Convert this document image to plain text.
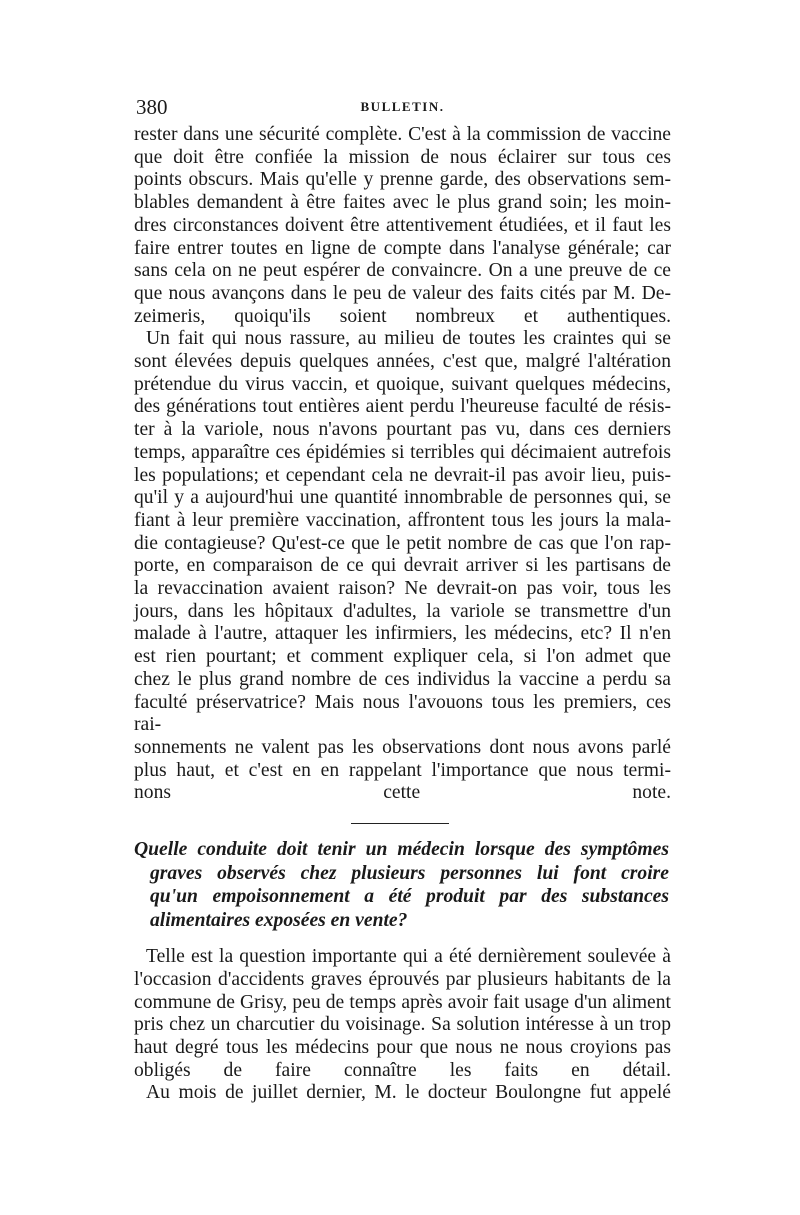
380	BULLETIN.
rester dans une sécurité complète. C'est à la commission de vaccine
que doit être confiée la mission de nous éclairer sur tous ces
points obscurs. Mais qu'elle y prenne garde, des observations sem-
blables demandent à être faites avec le plus grand soin; les moin-
dres circonstances doivent être attentivement étudiées, et il faut les
faire entrer toutes en ligne de compte dans l'analyse générale; car
sans cela on ne peut espérer de convaincre. On a une preuve de ce
que nous avançons dans le peu de valeur des faits cités par M. De-
zeimeris, quoiqu'ils soient nombreux et authentiques.
Un fait qui nous rassure, au milieu de toutes les craintes qui se
sont élevées depuis quelques années, c'est que, malgré l'altération
prétendue du virus vaccin, et quoique, suivant quelques médecins,
des générations tout entières aient perdu l'heureuse faculté de résis-
ter à la variole, nous n'avons pourtant pas vu, dans ces derniers
temps, apparaître ces épidémies si terribles qui décimaient autrefois
les populations; et cependant cela ne devrait-il pas avoir lieu, puis-
qu'il y a aujourd'hui une quantité innombrable de personnes qui, se
fiant à leur première vaccination, affrontent tous les jours la mala-
die contagieuse? Qu'est-ce que le petit nombre de cas que l'on rap-
porte, en comparaison de ce qui devrait arriver si les partisans de
la revaccination avaient raison? Ne devrait-on pas voir, tous les
jours, dans les hôpitaux d'adultes, la variole se transmettre d'un
malade à l'autre, attaquer les infirmiers, les médecins, etc? Il n'en
est rien pourtant; et comment expliquer cela, si l'on admet que
chez le plus grand nombre de ces individus la vaccine a perdu sa
faculté préservatrice? Mais nous l'avouons tous les premiers, ces rai-
sonnements ne valent pas les observations dont nous avons parlé
plus haut, et c'est en en rappelant l'importance que nous termi-
nons cette note.
Quelle conduite doit tenir un médecin lorsque des symptômes
graves observés chez plusieurs personnes lui font croire
qu'un empoisonnement a été produit par des substances
alimentaires exposées en vente?
Telle est la question importante qui a été dernièrement soulevée à
l'occasion d'accidents graves éprouvés par plusieurs habitants de la
commune de Grisy, peu de temps après avoir fait usage d'un aliment
pris chez un charcutier du voisinage. Sa solution intéresse à un trop
haut degré tous les médecins pour que nous ne nous croyions pas
obligés de faire connaître les faits en détail.
Au mois de juillet dernier, M. le docteur Boulongne fut appelé
